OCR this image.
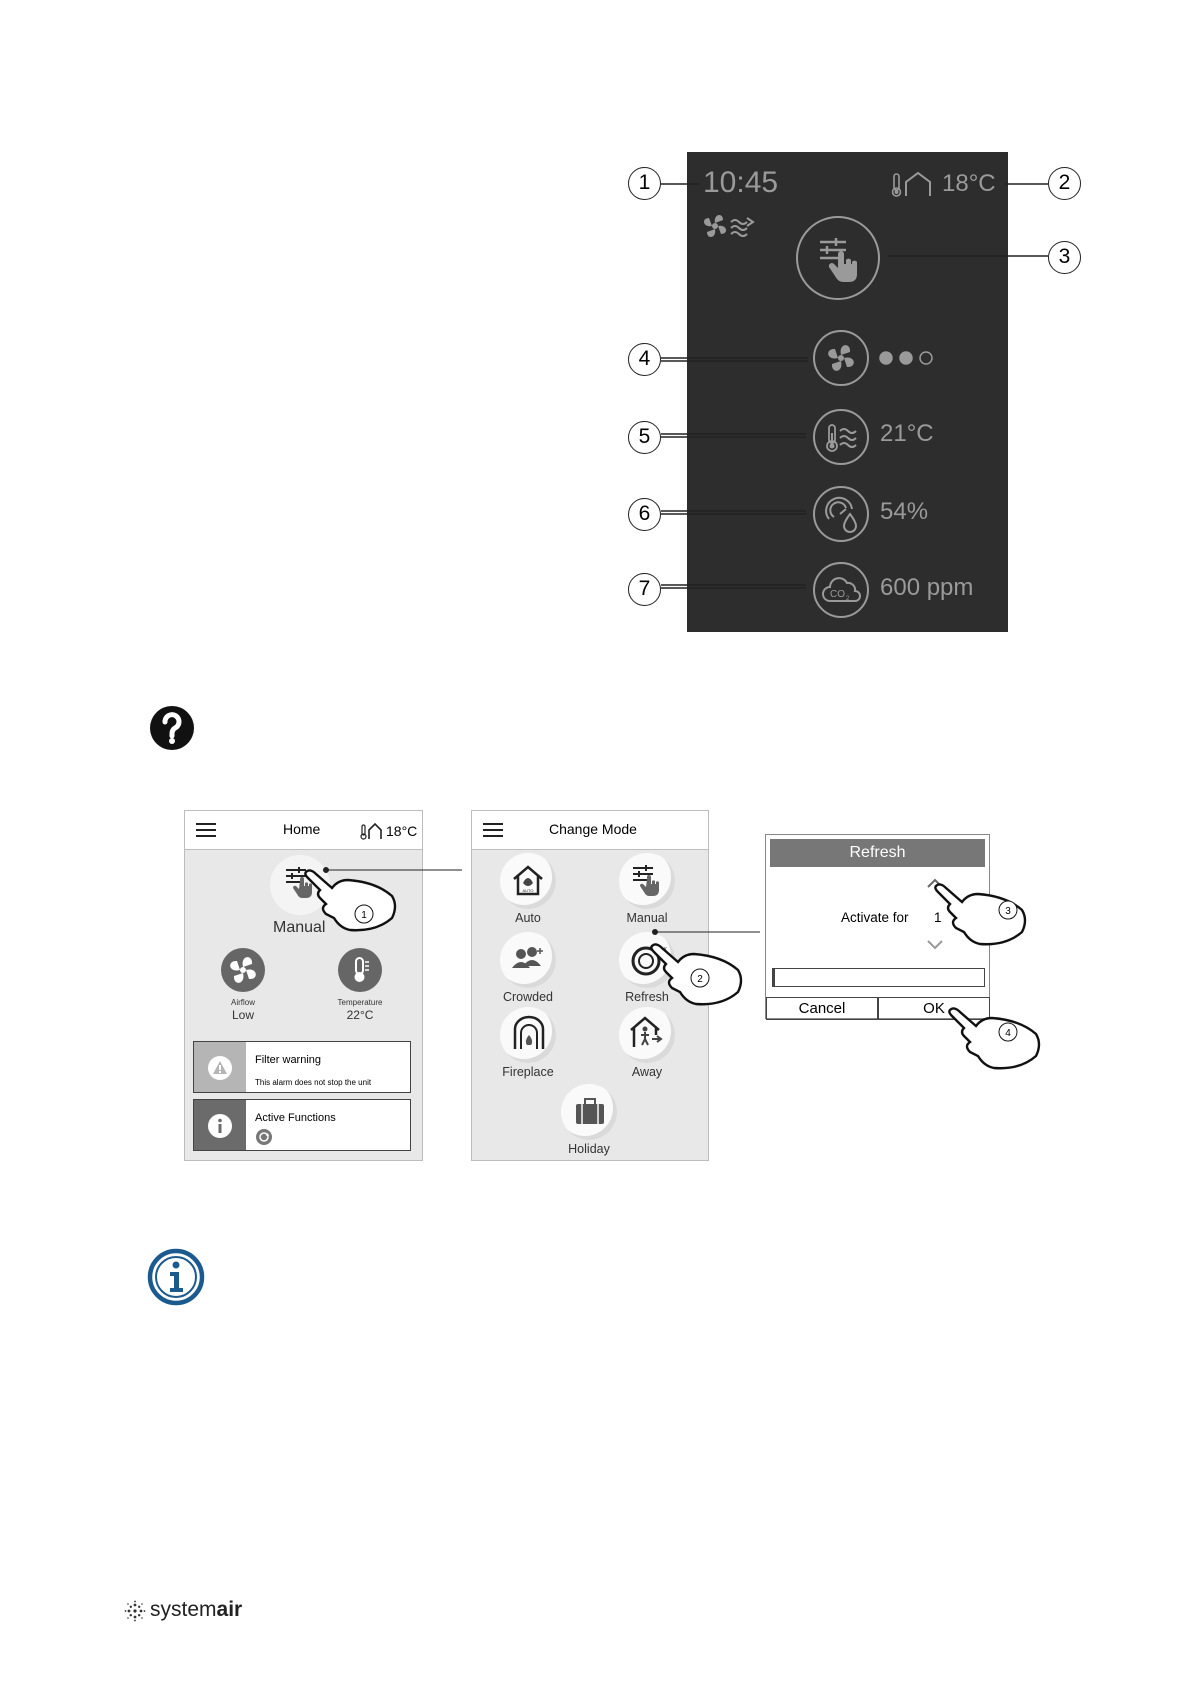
10:45	18°C
21°C
54%
CO 2 600 ppm
1	2
3
4
5
6
7
Home	18°C
Manual
Airflow
Low
Temperature
22°C
Filter warning
This alarm does not stop the unit
Active Functions
Change Mode
AUTO
Auto	Manual
Crowded	Refresh
Fireplace	Away
Holiday
Refresh
Activate for 1
Cancel	OK
1
2
3
4
systemair
